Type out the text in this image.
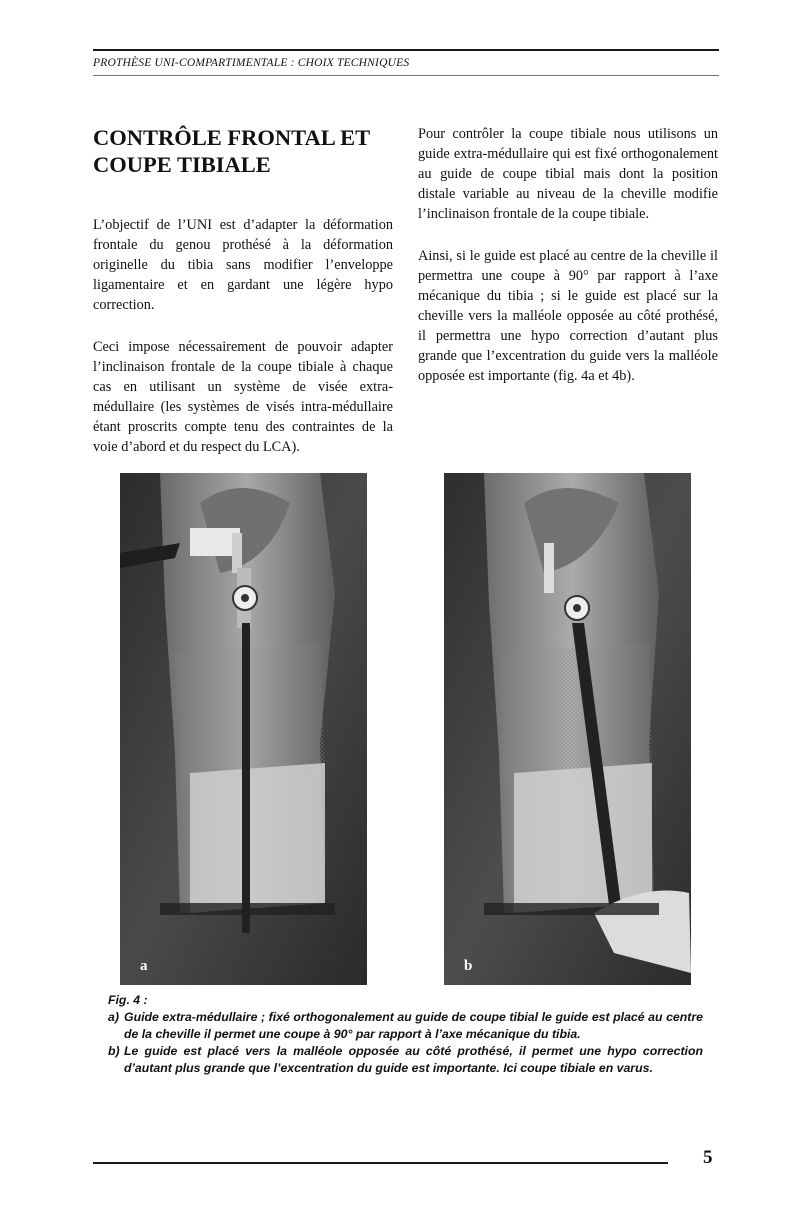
PROTHÈSE UNI-COMPARTIMENTALE : CHOIX TECHNIQUES
CONTRÔLE FRONTAL ET COUPE TIBIALE

L’objectif de l’UNI est d’adapter la déformation frontale du genou prothésé à la déformation originelle du tibia sans modifier l’enveloppe ligamentaire et en gardant une légère hypo correction.

Ceci impose nécessairement de pouvoir adapter l’inclinaison frontale de la coupe tibiale à chaque cas en utilisant un système de visée extra-médullaire (les systèmes de visés intra-médullaire étant proscrits compte tenu des contraintes de la voie d’abord et du respect du LCA).

Pour contrôler la coupe tibiale nous utilisons un guide extra-médullaire qui est fixé orthogonalement au guide de coupe tibial mais dont la position distale variable au niveau de la cheville modifie l’inclinaison frontale de la coupe tibiale.

Ainsi, si le guide est placé au centre de la cheville il permettra une coupe à 90° par rapport à l’axe mécanique du tibia ; si le guide est placé sur la cheville vers la malléole opposée au côté prothésé, il permettra une hypo correction d’autant plus grande que l’excentration du guide vers la malléole opposée est importante (fig. 4a et 4b).

a	b
Fig. 4 :
a) Guide extra-médullaire ; fixé orthogonalement au guide de coupe tibial le guide est placé au centre de la cheville il permet une coupe à 90° par rapport à l’axe mécanique du tibia.
b) Le guide est placé vers la malléole opposée au côté prothésé, il permet une hypo correction d’autant plus grande que l’excentration du guide est importante. Ici coupe tibiale en varus.
5
